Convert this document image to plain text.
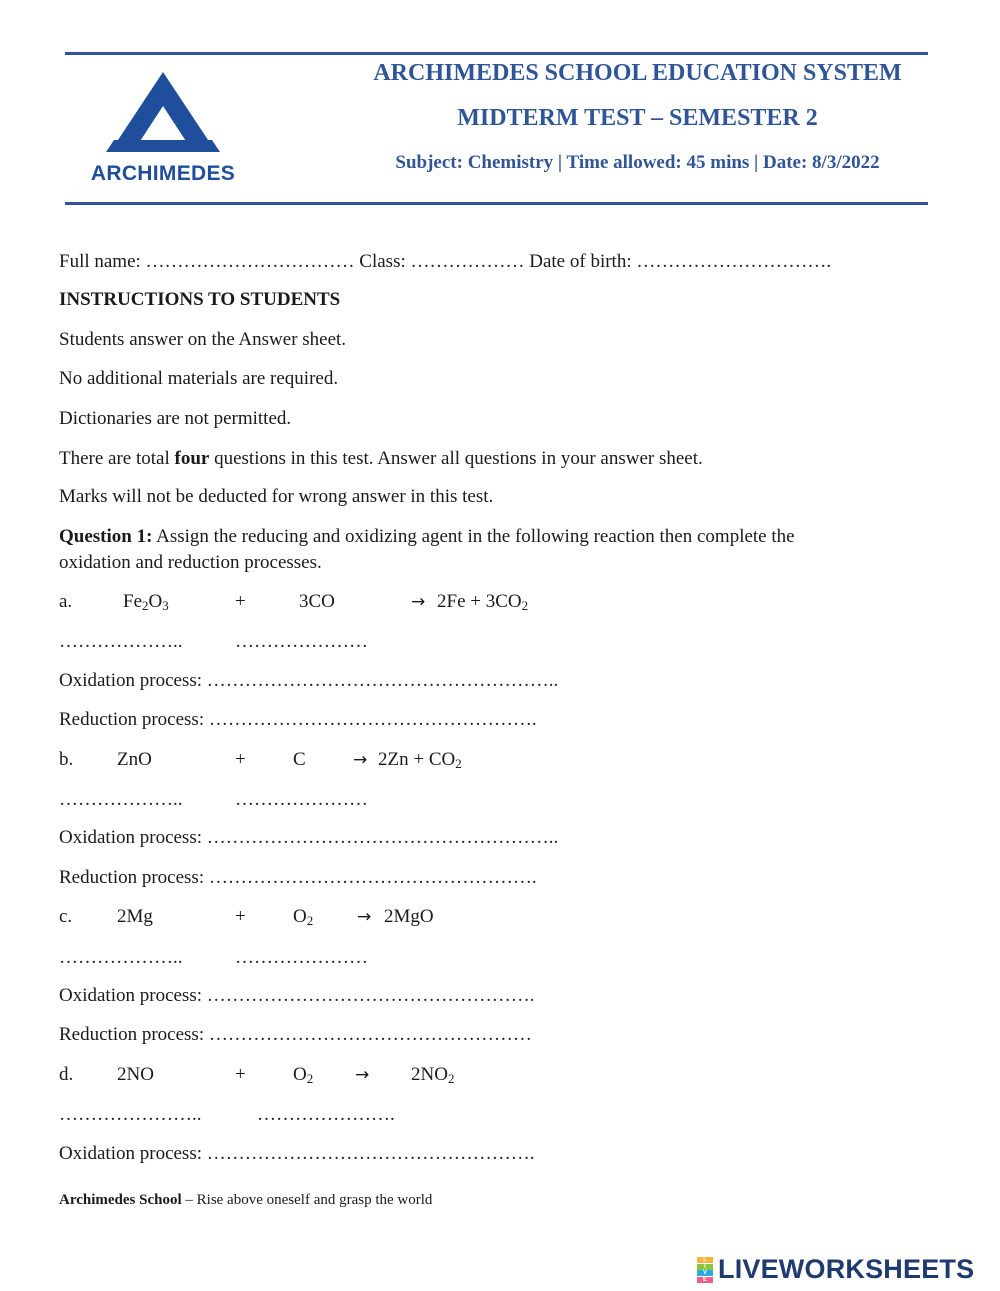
ARCHIMEDES
ARCHIMEDES SCHOOL EDUCATION SYSTEM
MIDTERM TEST – SEMESTER 2
Subject: Chemistry | Time allowed: 45 mins | Date: 8/3/2022
Full name: …………………………… Class: ……………… Date of birth: ………………………….
INSTRUCTIONS TO STUDENTS
Students answer on the Answer sheet.
No additional materials are required.
Dictionaries are not permitted.
There are total four questions in this test. Answer all questions in your answer sheet.
Marks will not be deducted for wrong answer in this test.
Question 1: Assign the reducing and oxidizing agent in the following reaction then complete the
oxidation and reduction processes.
a.	$Fe_2O_3$	+	3CO	→ $2Fe + 3CO_2$
………………..	…………………
Oxidation process: ………………………………………………..
Reduction process: …………………………………………….
b. ZnO	+ C	→ $2Zn + CO_2$
………………..	…………………
Oxidation process: ………………………………………………..
Reduction process: …………………………………………….
c. 2Mg	+ $O_2$	→ 2MgO
………………..	…………………
Oxidation process: …………………………………………….
Reduction process: ……………………………………………
d. 2NO	+ $O_2 \to 2NO_2$
…………………..	………………….
Oxidation process: …………………………………………….
Archimedes School – Rise above oneself and grasp the world
L
I
V
E LIVEWORKSHEETS
